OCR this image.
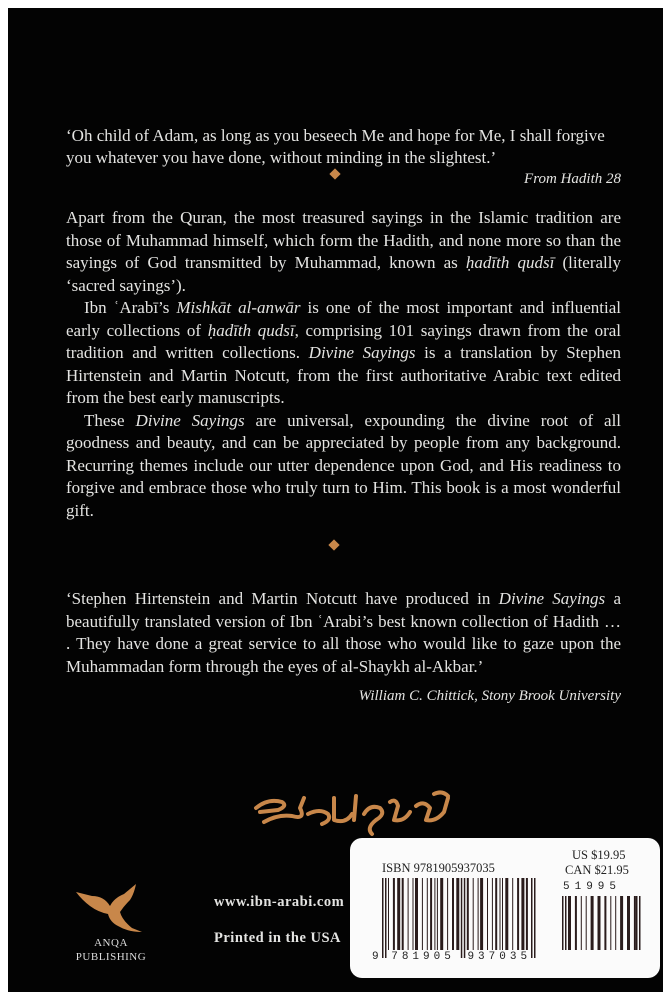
‘Oh child of Adam, as long as you beseech Me and hope for Me, I shall forgive you whatever you have done, without minding in the slightest.’
From Hadith 28

Apart from the Quran, the most treasured sayings in the Islamic tradition are those of Muhammad himself, which form the Hadith, and none more so than the sayings of God transmitted by Muhammad, known as ḥadīth qudsī (literally ‘sacred sayings’).

Ibn ʿArabī’s Mishkāt al-anwār is one of the most important and influential early collections of ḥadīth qudsī, comprising 101 sayings drawn from the oral tradition and written collections. Divine Sayings is a translation by Stephen Hirtenstein and Martin Notcutt, from the first authoritative Arabic text edited from the best early manuscripts.

These Divine Sayings are universal, expounding the divine root of all goodness and beauty, and can be appreciated by people from any background. Recurring themes include our utter dependence upon God, and His readiness to forgive and embrace those who truly turn to Him. This book is a most wonderful gift.

‘Stephen Hirtenstein and Martin Notcutt have produced in Divine Sayings a beautifully translated version of Ibn ʿArabi’s best known collection of Hadith … . They have done a great service to all those who would like to gaze upon the Muhammadan form through the eyes of al-Shaykh al-Akbar.’
William C. Chittick, Stony Brook University
ANQA
PUBLISHING
www.ibn-arabi.com
Printed in the USA
ISBN 9781905937035
US $19.95
CAN $21.95
51995
9 781905 937035
